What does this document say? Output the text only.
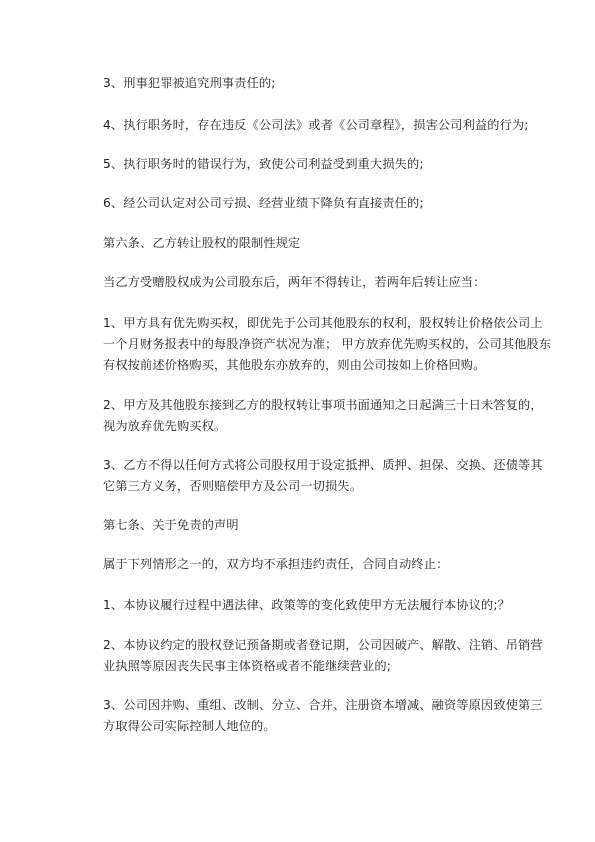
3、刑事犯罪被追究刑事责任的;

4、执行职务时，存在违反《公司法》或者《公司章程》，损害公司利益的行为;

5、执行职务时的错误行为，致使公司利益受到重大损失的;

6、经公司认定对公司亏损、经营业绩下降负有直接责任的;

第六条、乙方转让股权的限制性规定

当乙方受赠股权成为公司股东后，两年不得转让，若两年后转让应当：

1、甲方具有优先购买权，即优先于公司其他股东的权利，股权转让价格依公司上一个月财务报表中的每股净资产状况为准； 甲方放弃优先购买权的，公司其他股东有权按前述价格购买，其他股东亦放弃的，则由公司按如上价格回购。

2、甲方及其他股东接到乙方的股权转让事项书面通知之日起满三十日未答复的，视为放弃优先购买权。

3、乙方不得以任何方式将公司股权用于设定抵押、质押、担保、交换、还债等其它第三方义务，否则赔偿甲方及公司一切损失。

第七条、关于免责的声明

属于下列情形之一的，双方均不承担违约责任，合同自动终止：

1、本协议履行过程中遇法律、政策等的变化致使甲方无法履行本协议的;？

2、本协议约定的股权登记预备期或者登记期，公司因破产、解散、注销、吊销营业执照等原因丧失民事主体资格或者不能继续营业的;

3、公司因并购、重组、改制、分立、合并、注册资本增减、融资等原因致使第三方取得公司实际控制人地位的。
